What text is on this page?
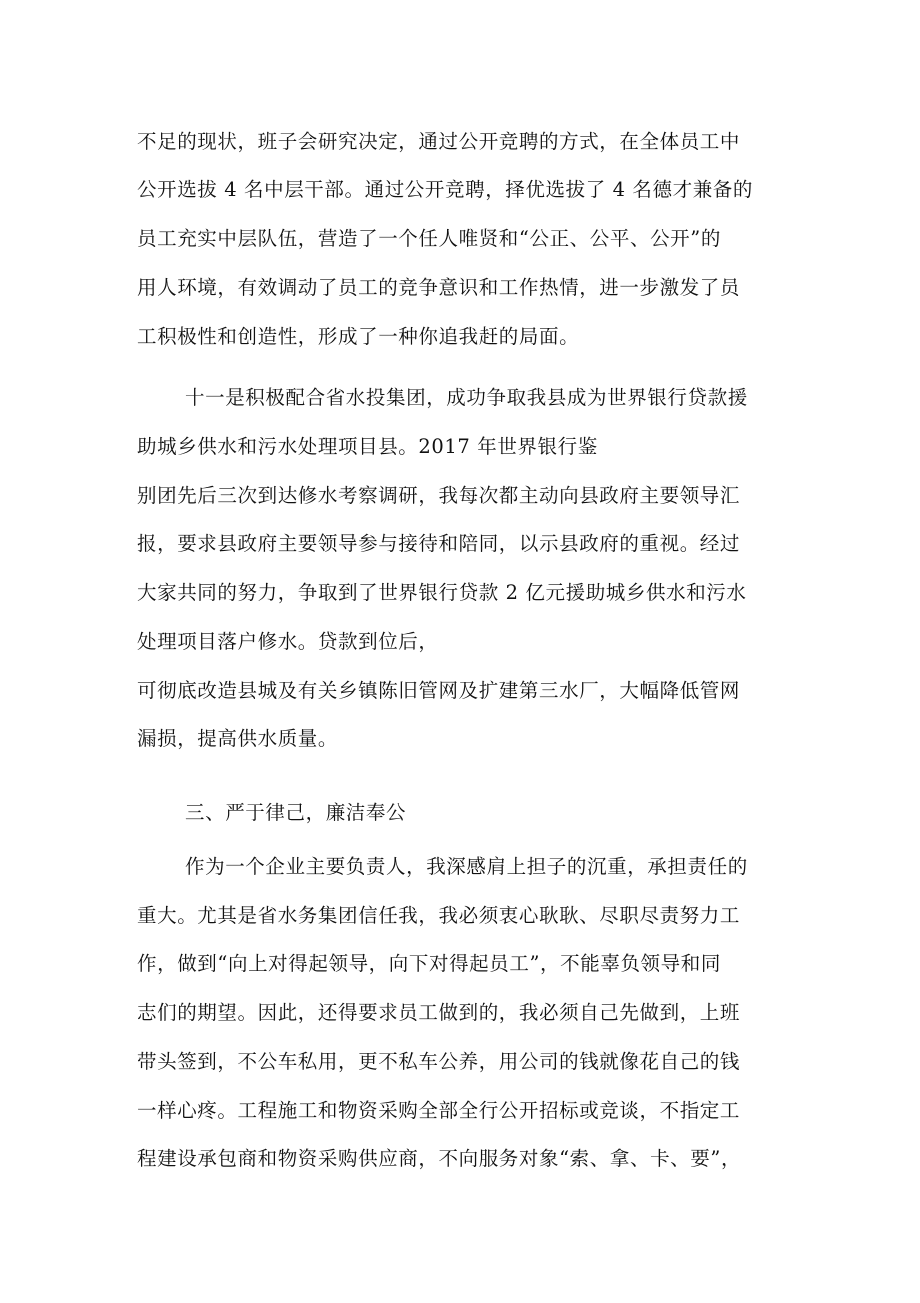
不足的现状，班子会研究决定，通过公开竞聘的方式，在全体员工中
公开选拔 4 名中层干部。通过公开竞聘，择优选拔了 4 名德才兼备的
员工充实中层队伍，营造了一个任人唯贤和“公正、公平、公开”的
用人环境，有效调动了员工的竞争意识和工作热情，进一步激发了员
工积极性和创造性，形成了一种你追我赶的局面。
十一是积极配合省水投集团，成功争取我县成为世界银行贷款援
助城乡供水和污水处理项目县。2017 年世界银行鉴
别团先后三次到达修水考察调研，我每次都主动向县政府主要领导汇
报，要求县政府主要领导参与接待和陪同，以示县政府的重视。经过
大家共同的努力，争取到了世界银行贷款 2 亿元援助城乡供水和污水
处理项目落户修水。贷款到位后，
可彻底改造县城及有关乡镇陈旧管网及扩建第三水厂，大幅降低管网
漏损，提高供水质量。
三、严于律己，廉洁奉公
作为一个企业主要负责人，我深感肩上担子的沉重，承担责任的
重大。尤其是省水务集团信任我，我必须衷心耿耿、尽职尽责努力工
作，做到“向上对得起领导，向下对得起员工”，不能辜负领导和同
志们的期望。因此，还得要求员工做到的，我必须自己先做到，上班
带头签到，不公车私用，更不私车公养，用公司的钱就像花自己的钱
一样心疼。工程施工和物资采购全部全行公开招标或竞谈，不指定工
程建设承包商和物资采购供应商，不向服务对象“索、拿、卡、要”，
